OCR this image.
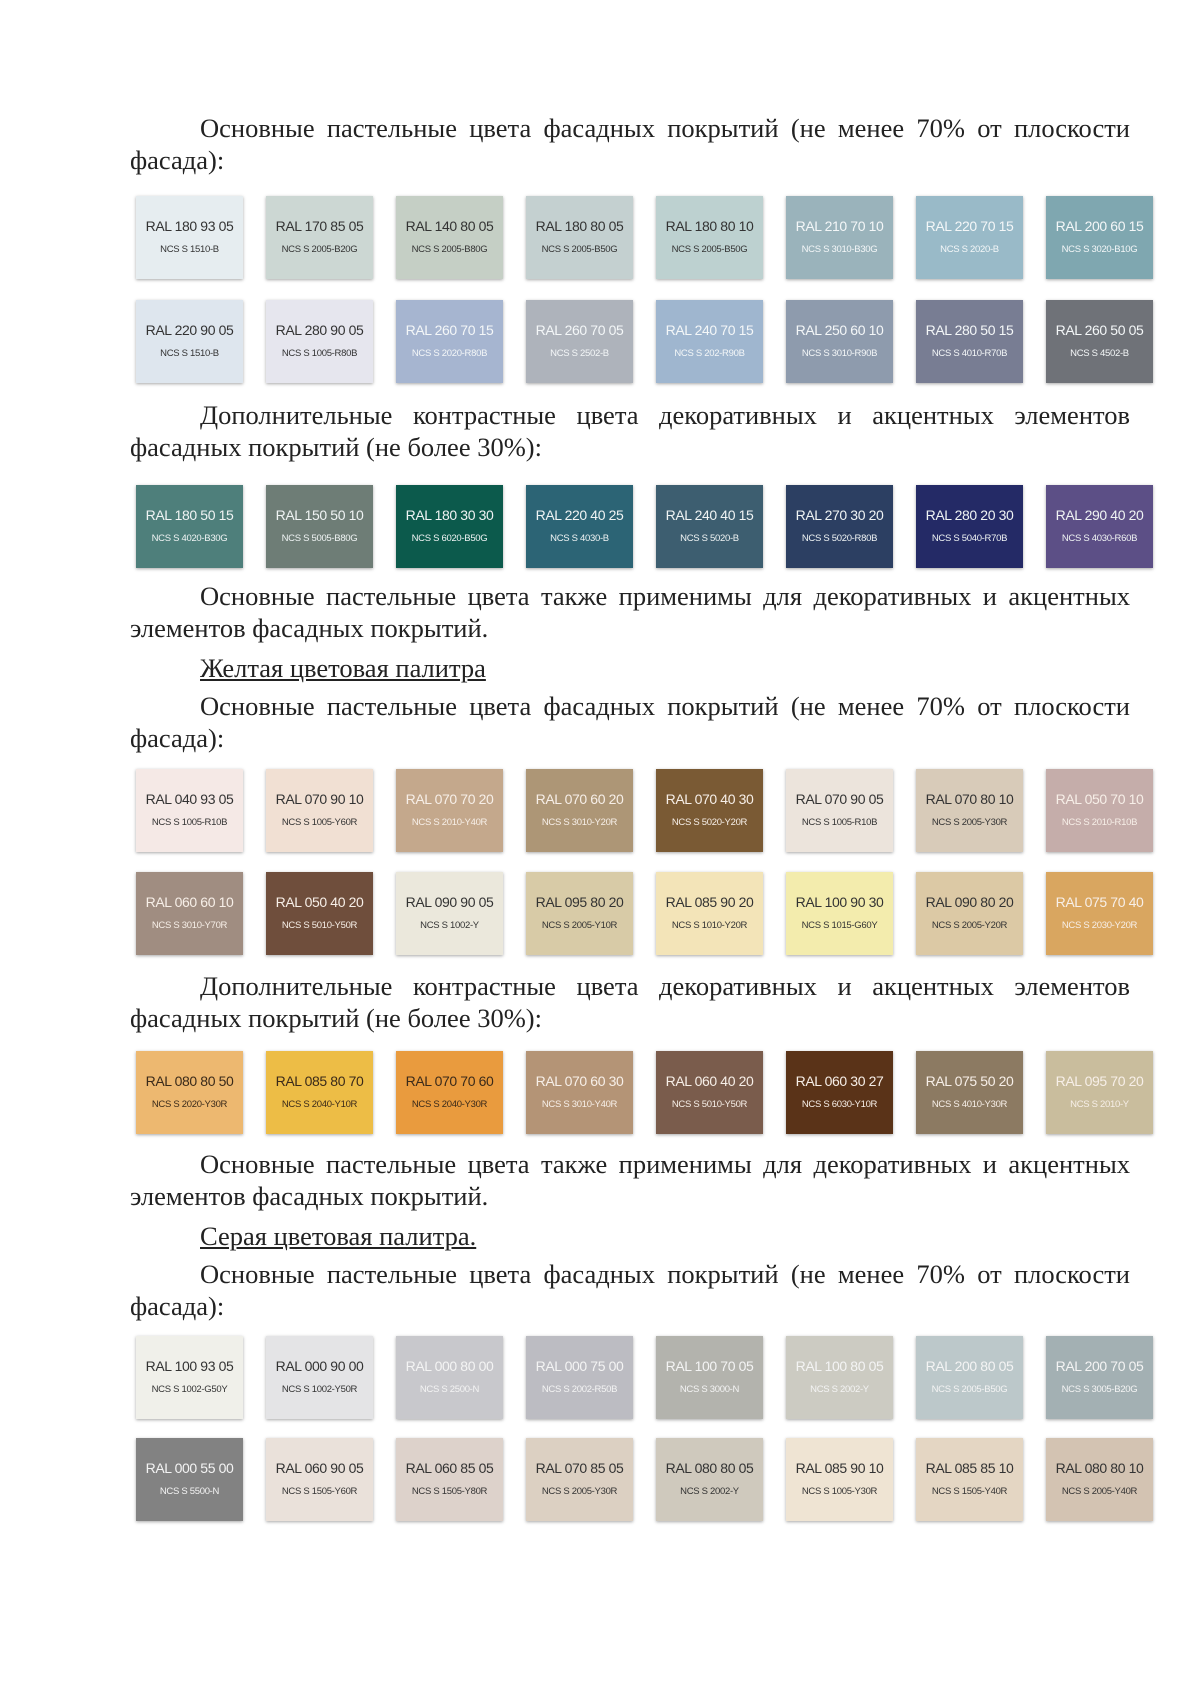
Основные пастельные цвета фасадных покрытий (не менее 70% от плоскости фасада):

RAL 180 93 05
NCS S 1510-B
RAL 170 85 05
NCS S 2005-B20G
RAL 140 80 05
NCS S 2005-B80G
RAL 180 80 05
NCS S 2005-B50G
RAL 180 80 10
NCS S 2005-B50G
RAL 210 70 10
NCS S 3010-B30G
RAL 220 70 15
NCS S 2020-B
RAL 200 60 15
NCS S 3020-B10G
RAL 220 90 05
NCS S 1510-B
RAL 280 90 05
NCS S 1005-R80B
RAL 260 70 15
NCS S 2020-R80B
RAL 260 70 05
NCS S 2502-B
RAL 240 70 15
NCS S 202-R90B
RAL 250 60 10
NCS S 3010-R90B
RAL 280 50 15
NCS S 4010-R70B
RAL 260 50 05
NCS S 4502-B

Дополнительные контрастные цвета декоративных и акцентных элементов фасадных покрытий (не более 30%):

RAL 180 50 15
NCS S 4020-B30G
RAL 150 50 10
NCS S 5005-B80G
RAL 180 30 30
NCS S 6020-B50G
RAL 220 40 25
NCS S 4030-B
RAL 240 40 15
NCS S 5020-B
RAL 270 30 20
NCS S 5020-R80B
RAL 280 20 30
NCS S 5040-R70B
RAL 290 40 20
NCS S 4030-R60B

Основные пастельные цвета также применимы для декоративных и акцентных элементов фасадных покрытий.

Желтая цветовая палитра

Основные пастельные цвета фасадных покрытий (не менее 70% от плоскости фасада):

RAL 040 93 05
NCS S 1005-R10B
RAL 070 90 10
NCS S 1005-Y60R
RAL 070 70 20
NCS S 2010-Y40R
RAL 070 60 20
NCS S 3010-Y20R
RAL 070 40 30
NCS S 5020-Y20R
RAL 070 90 05
NCS S 1005-R10B
RAL 070 80 10
NCS S 2005-Y30R
RAL 050 70 10
NCS S 2010-R10B
RAL 060 60 10
NCS S 3010-Y70R
RAL 050 40 20
NCS S 5010-Y50R
RAL 090 90 05
NCS S 1002-Y
RAL 095 80 20
NCS S 2005-Y10R
RAL 085 90 20
NCS S 1010-Y20R
RAL 100 90 30
NCS S 1015-G60Y
RAL 090 80 20
NCS S 2005-Y20R
RAL 075 70 40
NCS S 2030-Y20R

Дополнительные контрастные цвета декоративных и акцентных элементов фасадных покрытий (не более 30%):

RAL 080 80 50
NCS S 2020-Y30R
RAL 085 80 70
NCS S 2040-Y10R
RAL 070 70 60
NCS S 2040-Y30R
RAL 070 60 30
NCS S 3010-Y40R
RAL 060 40 20
NCS S 5010-Y50R
RAL 060 30 27
NCS S 6030-Y10R
RAL 075 50 20
NCS S 4010-Y30R
RAL 095 70 20
NCS S 2010-Y

Основные пастельные цвета также применимы для декоративных и акцентных элементов фасадных покрытий.

Серая цветовая палитра.

Основные пастельные цвета фасадных покрытий (не менее 70% от плоскости фасада):

RAL 100 93 05
NCS S 1002-G50Y
RAL 000 90 00
NCS S 1002-Y50R
RAL 000 80 00
NCS S 2500-N
RAL 000 75 00
NCS S 2002-R50B
RAL 100 70 05
NCS S 3000-N
RAL 100 80 05
NCS S 2002-Y
RAL 200 80 05
NCS S 2005-B50G
RAL 200 70 05
NCS S 3005-B20G
RAL 000 55 00
NCS S 5500-N
RAL 060 90 05
NCS S 1505-Y60R
RAL 060 85 05
NCS S 1505-Y80R
RAL 070 85 05
NCS S 2005-Y30R
RAL 080 80 05
NCS S 2002-Y
RAL 085 90 10
NCS S 1005-Y30R
RAL 085 85 10
NCS S 1505-Y40R
RAL 080 80 10
NCS S 2005-Y40R
